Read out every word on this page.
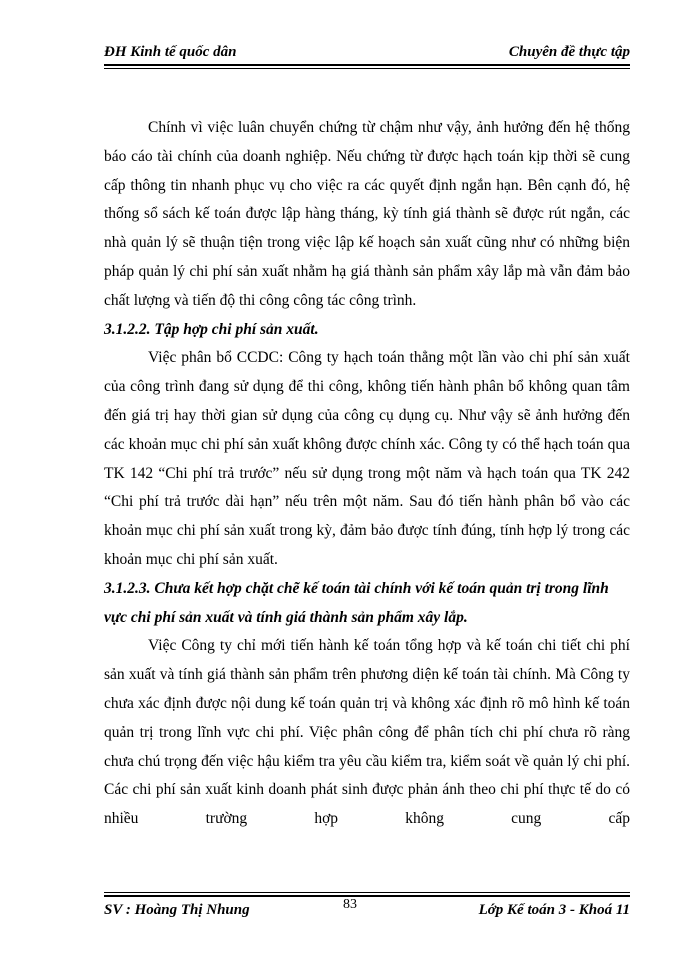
ĐH Kinh tế quốc dân	Chuyên đề thực tập

Chính vì việc luân chuyển chứng từ chậm như vậy, ảnh hưởng đến hệ thống báo cáo tài chính của doanh nghiệp. Nếu chứng từ được hạch toán kịp thời sẽ cung cấp thông tin nhanh phục vụ cho việc ra các quyết định ngắn hạn. Bên cạnh đó, hệ thống sổ sách kế toán được lập hàng tháng, kỳ tính giá thành sẽ được rút ngắn, các nhà quản lý sẽ thuận tiện trong việc lập kế hoạch sản xuất cũng như có những biện pháp quản lý chi phí sản xuất nhằm hạ giá thành sản phẩm xây lắp mà vẫn đảm bảo chất lượng và tiến độ thi công công tác công trình.

3.1.2.2. Tập hợp chi phí sản xuất.

Việc phân bổ CCDC: Công ty hạch toán thẳng một lần vào chi phí sản xuất của công trình đang sử dụng để thi công, không tiến hành phân bổ không quan tâm đến giá trị hay thời gian sử dụng của công cụ dụng cụ. Như vậy sẽ ảnh hưởng đến các khoản mục chi phí sản xuất không được chính xác. Công ty có thể hạch toán qua TK 142 “Chi phí trả trước” nếu sử dụng trong một năm và hạch toán qua TK 242 “Chi phí trả trước dài hạn” nếu trên một năm. Sau đó tiến hành phân bổ vào các khoản mục chi phí sản xuất trong kỳ, đảm bảo được tính đúng, tính hợp lý trong các khoản mục chi phí sản xuất.

3.1.2.3. Chưa kết hợp chặt chẽ kế toán tài chính với kế toán quản trị trong lĩnh vực chi phí sản xuất và tính giá thành sản phẩm xây lắp.

Việc Công ty chỉ mới tiến hành kế toán tổng hợp và kế toán chi tiết chi phí sản xuất và tính giá thành sản phẩm trên phương diện kế toán tài chính. Mà Công ty chưa xác định được nội dung kế toán quản trị và không xác định rõ mô hình kế toán quản trị trong lĩnh vực chi phí. Việc phân công để phân tích chi phí chưa rõ ràng chưa chú trọng đến việc hậu kiểm tra yêu cầu kiểm tra, kiểm soát về quản lý chi phí. Các chi phí sản xuất kinh doanh phát sinh được phản ánh theo chi phí thực tế do có nhiều trường hợp không cung cấp

SV : Hoàng Thị Nhung	83	Lớp Kế toán 3 - Khoá 11
